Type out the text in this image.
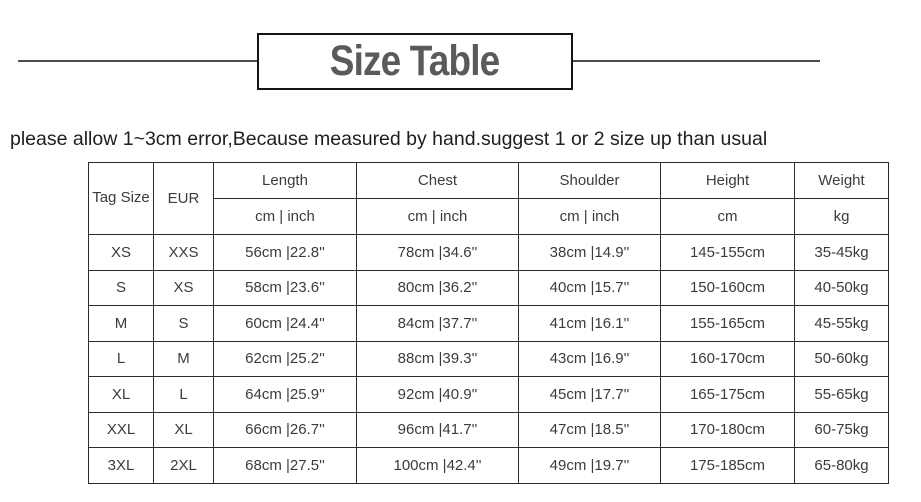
Size Table
please allow 1~3cm error,Because measured by hand.suggest 1 or 2 size up than usual
Tag Size	EUR	Length	Chest	Shoulder	Height	Weight
		cm | inch	cm | inch	cm | inch	cm	kg
XS	XXS	56cm |22.8''	78cm |34.6''	38cm |14.9''	145-155cm	35-45kg
S	XS	58cm |23.6''	80cm |36.2''	40cm |15.7''	150-160cm	40-50kg
M	S	60cm |24.4''	84cm |37.7''	41cm |16.1''	155-165cm	45-55kg
L	M	62cm |25.2''	88cm |39.3''	43cm |16.9''	160-170cm	50-60kg
XL	L	64cm |25.9''	92cm |40.9''	45cm |17.7''	165-175cm	55-65kg
XXL	XL	66cm |26.7''	96cm |41.7''	47cm |18.5''	170-180cm	60-75kg
3XL	2XL	68cm |27.5''	100cm |42.4''	49cm |19.7''	175-185cm	65-80kg
